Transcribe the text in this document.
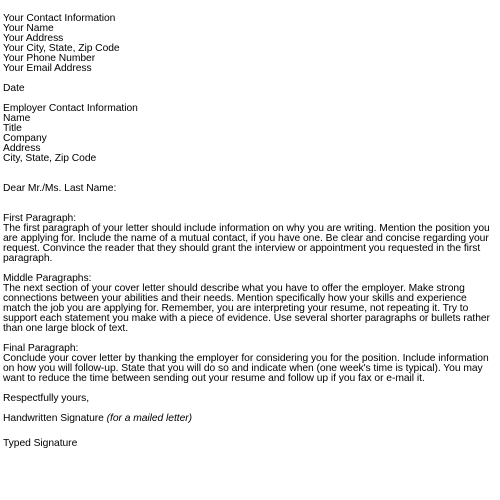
Your Contact Information
Your Name
Your Address
Your City, State, Zip Code
Your Phone Number
Your Email Address
Date
Employer Contact Information
Name
Title
Company
Address
City, State, Zip Code
Dear Mr./Ms. Last Name:
First Paragraph:
The first paragraph of your letter should include information on why you are writing. Mention the position you are applying for. Include the name of a mutual contact, if you have one. Be clear and concise regarding your request. Convince the reader that they should grant the interview or appointment you requested in the first paragraph.
Middle Paragraphs:
The next section of your cover letter should describe what you have to offer the employer. Make strong connections between your abilities and their needs. Mention specifically how your skills and experience match the job you are applying for. Remember, you are interpreting your resume, not repeating it. Try to support each statement you make with a piece of evidence. Use several shorter paragraphs or bullets rather than one large block of text.
Final Paragraph:
Conclude your cover letter by thanking the employer for considering you for the position. Include information on how you will follow-up. State that you will do so and indicate when (one week's time is typical). You may want to reduce the time between sending out your resume and follow up if you fax or e-mail it.
Respectfully yours,
Handwritten Signature (for a mailed letter)
Typed Signature
